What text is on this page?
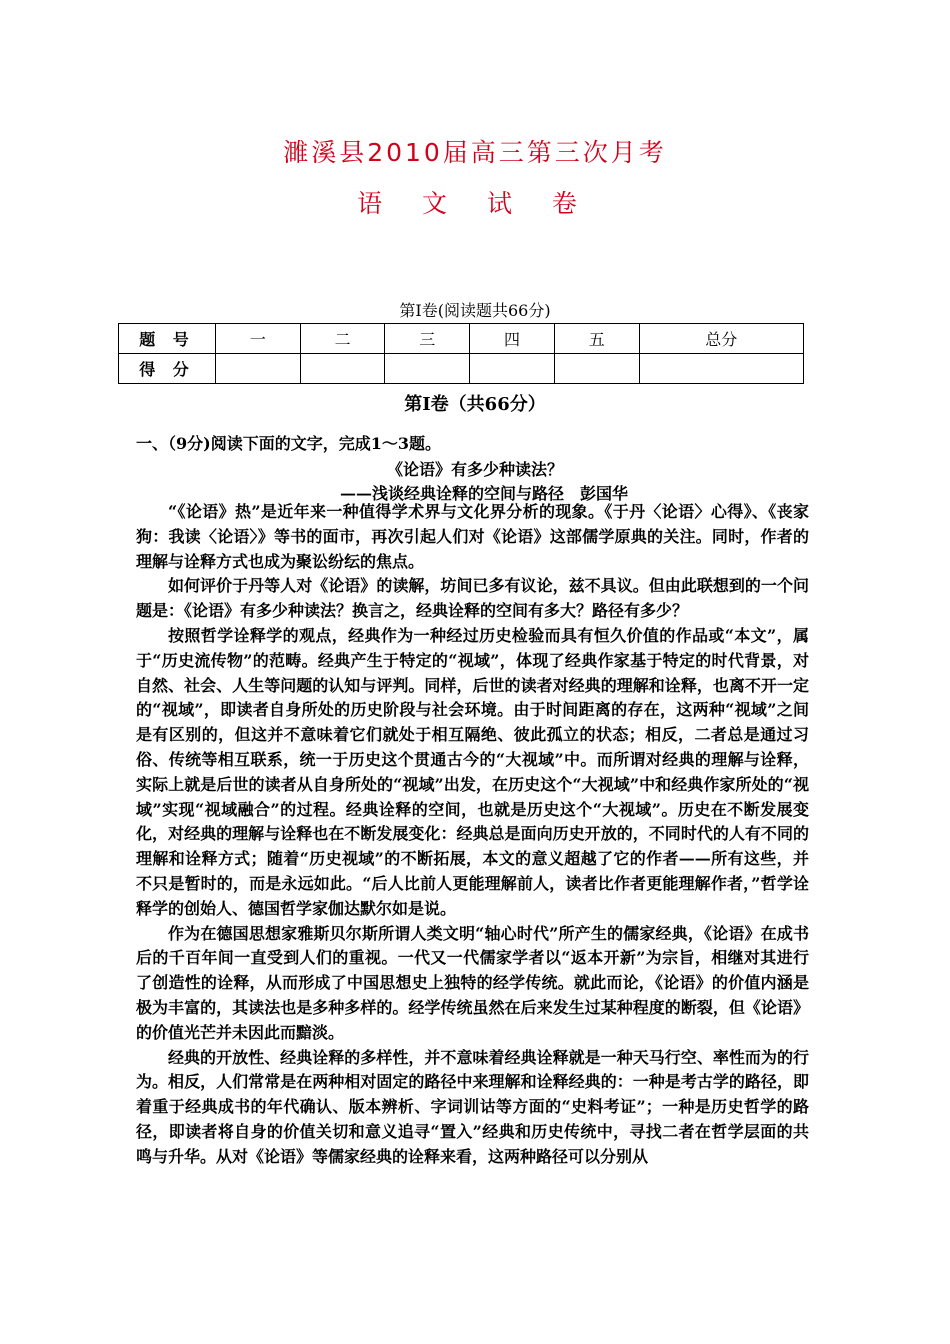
濉溪县2010届高三第三次月考
语 文 试 卷
第Ⅰ卷(阅读题共66分)
题 号	一	二	三	四	五	总分
得 分						
第Ⅰ卷（共66分）
一、（9分)阅读下面的文字，完成1～3题。
《论语》有多少种读法？
——浅谈经典诠释的空间与路径　彭国华

“《论语》热”是近年来一种值得学术界与文化界分析的现象。《于丹〈论语〉心得》、《丧家狗：我读〈论语〉》等书的面市，再次引起人们对《论语》这部儒学原典的关注。同时，作者的理解与诠释方式也成为聚讼纷纭的焦点。

如何评价于丹等人对《论语》的读解，坊间已多有议论，兹不具议。但由此联想到的一个问题是：《论语》有多少种读法？换言之，经典诠释的空间有多大？路径有多少？

按照哲学诠释学的观点，经典作为一种经过历史检验而具有恒久价值的作品或“本文”，属于“历史流传物”的范畴。经典产生于特定的“视域”，体现了经典作家基于特定的时代背景，对自然、社会、人生等问题的认知与评判。同样，后世的读者对经典的理解和诠释，也离不开一定的“视域”，即读者自身所处的历史阶段与社会环境。由于时间距离的存在，这两种“视域”之间是有区别的，但这并不意味着它们就处于相互隔绝、彼此孤立的状态；相反，二者总是通过习俗、传统等相互联系，统一于历史这个贯通古今的“大视域”中。而所谓对经典的理解与诠释，实际上就是后世的读者从自身所处的“视域”出发，在历史这个“大视域”中和经典作家所处的“视域”实现“视域融合”的过程。经典诠释的空间，也就是历史这个“大视域”。历史在不断发展变化，对经典的理解与诠释也在不断发展变化：经典总是面向历史开放的，不同时代的人有不同的理解和诠释方式；随着“历史视域”的不断拓展，本文的意义超越了它的作者——所有这些，并不只是暂时的，而是永远如此。“后人比前人更能理解前人，读者比作者更能理解作者，”哲学诠释学的创始人、德国哲学家伽达默尔如是说。

作为在德国思想家雅斯贝尔斯所谓人类文明“轴心时代”所产生的儒家经典，《论语》在成书后的千百年间一直受到人们的重视。一代又一代儒家学者以“返本开新”为宗旨，相继对其进行了创造性的诠释，从而形成了中国思想史上独特的经学传统。就此而论，《论语》的价值内涵是极为丰富的，其读法也是多种多样的。经学传统虽然在后来发生过某种程度的断裂，但《论语》的价值光芒并未因此而黯淡。

经典的开放性、经典诠释的多样性，并不意味着经典诠释就是一种天马行空、率性而为的行为。相反，人们常常是在两种相对固定的路径中来理解和诠释经典的：一种是考古学的路径，即着重于经典成书的年代确认、版本辨析、字词训诂等方面的“史料考证”；一种是历史哲学的路径，即读者将自身的价值关切和意义追寻“置入”经典和历史传统中，寻找二者在哲学层面的共鸣与升华。从对《论语》等儒家经典的诠释来看，这两种路径可以分别从
